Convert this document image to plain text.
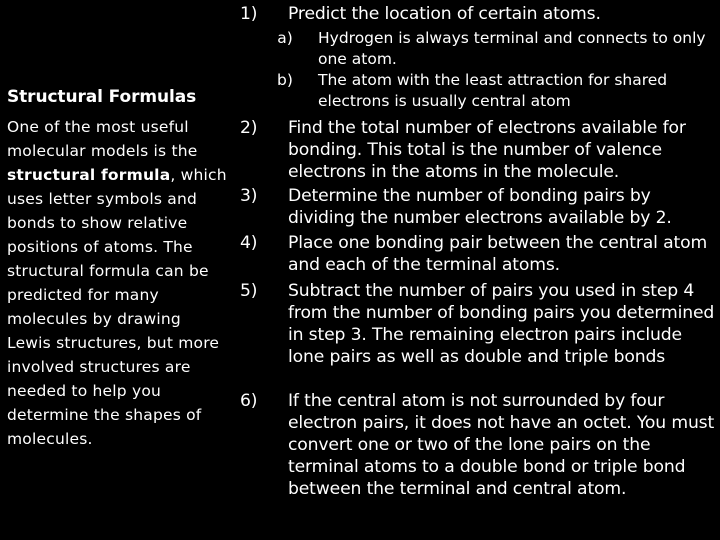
Structural Formulas
One of the most useful molecular models is the structural formula, which uses letter symbols and bonds to show relative positions of atoms. The structural formula can be predicted for many molecules by drawing Lewis structures, but more involved structures are needed to help you determine the shapes of molecules.
1)	Predict the location of certain atoms.
a)	Hydrogen is always terminal and connects to only one atom.
b)	The atom with the least attraction for shared electrons is usually central atom
2)	Find the total number of electrons available for bonding. This total is the number of valence electrons in the atoms in the molecule.
3)	Determine the number of bonding pairs by dividing the number electrons available by 2.
4)	Place one bonding pair between the central atom and each of the terminal atoms.
5)	Subtract the number of pairs you used in step 4 from the number of bonding pairs you determined in step 3. The remaining electron pairs include lone pairs as well as double and triple bonds
6)	If the central atom is not surrounded by four electron pairs, it does not have an octet. You must convert one or two of the lone pairs on the terminal atoms to a double bond or triple bond between the terminal and central atom.
